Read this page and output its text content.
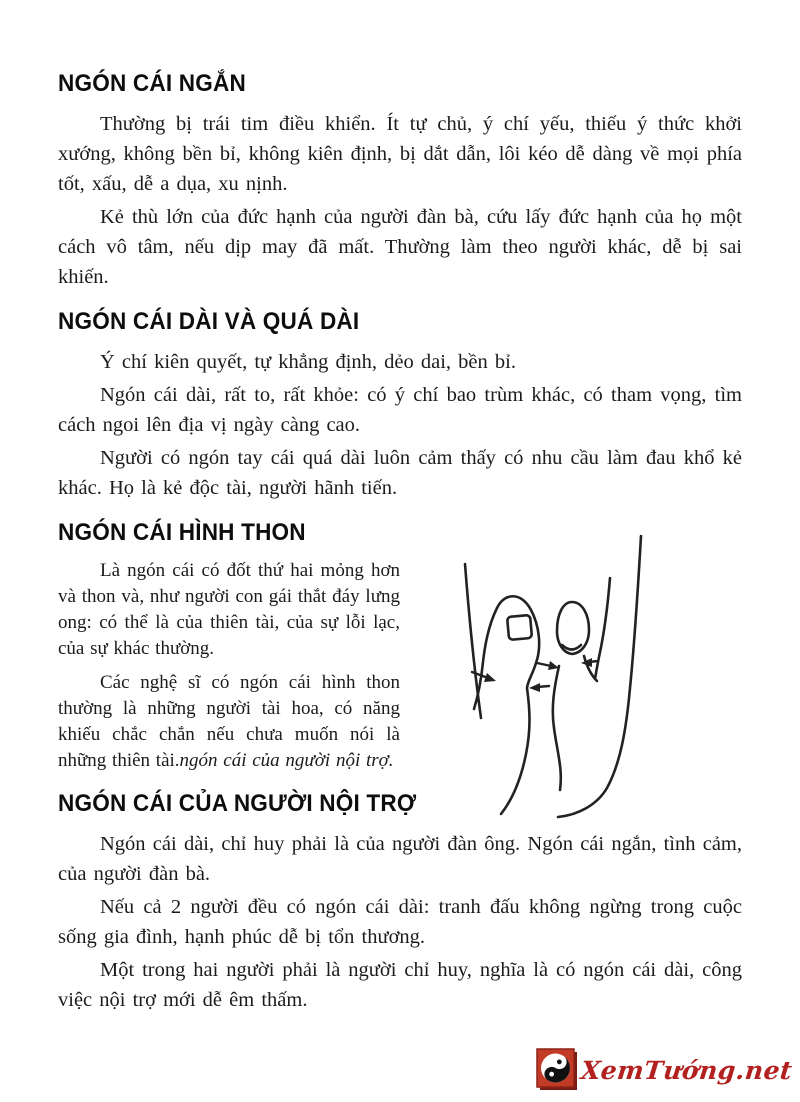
NGÓN CÁI NGẮN

Thường bị trái tim điều khiển. Ít tự chủ, ý chí yếu, thiếu ý thức khởi xướng, không bền bỉ, không kiên định, bị dắt dẫn, lôi kéo dễ dàng về mọi phía tốt, xấu, dễ a dụa, xu nịnh.

Kẻ thù lớn của đức hạnh của người đàn bà, cứu lấy đức hạnh của họ một cách vô tâm, nếu dịp may đã mất. Thường làm theo người khác, dễ bị sai khiến.

NGÓN CÁI DÀI VÀ QUÁ DÀI

Ý chí kiên quyết, tự khẳng định, dẻo dai, bền bỉ.

Ngón cái dài, rất to, rất khỏe: có ý chí bao trùm khác, có tham vọng, tìm cách ngoi lên địa vị ngày càng cao.

Người có ngón tay cái quá dài luôn cảm thấy có nhu cầu làm đau khổ kẻ khác. Họ là kẻ độc tài, người hãnh tiến.

NGÓN CÁI HÌNH THON

Là ngón cái có đốt thứ hai mỏng hơn và thon và, như người con gái thắt đáy lưng ong: có thể là của thiên tài, của sự lỗi lạc, của sự khác thường.

Các nghệ sĩ có ngón cái hình thon thường là những người tài hoa, có năng khiếu chắc chắn nếu chưa muốn nói là những thiên tài.ngón cái của người nội trợ.

NGÓN CÁI CỦA NGƯỜI NỘI TRỢ

Ngón cái dài, chỉ huy phải là của người đàn ông. Ngón cái ngắn, tình cảm, của người đàn bà.

Nếu cả 2 người đều có ngón cái dài: tranh đấu không ngừng trong cuộc sống gia đình, hạnh phúc dễ bị tổn thương.

Một trong hai người phải là người chỉ huy, nghĩa là có ngón cái dài, công việc nội trợ mới dễ êm thấm.

XemTướng.net
